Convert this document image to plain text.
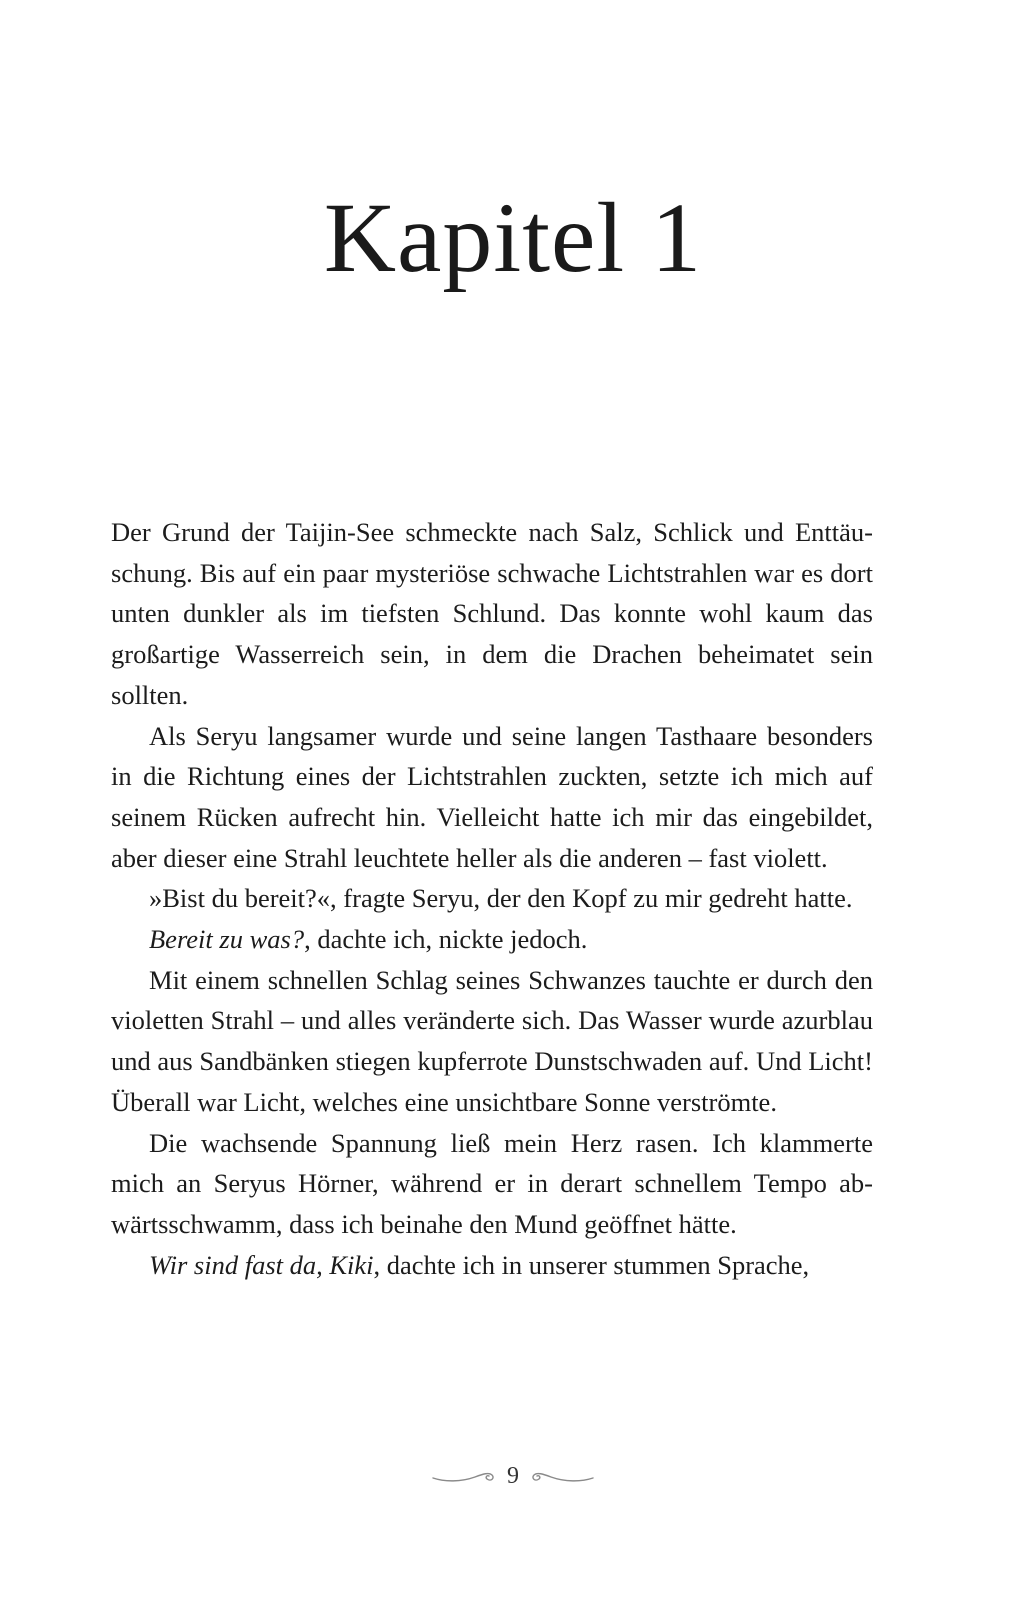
Kapitel 1

Der Grund der Taijin-See schmeckte nach Salz, Schlick und Enttäuschung. Bis auf ein paar mysteriöse schwache Lichtstrahlen war es dort unten dunkler als im tiefsten Schlund. Das konnte wohl kaum das großartige Wasserreich sein, in dem die Drachen beheimatet sein sollten.

Als Seryu langsamer wurde und seine langen Tasthaare besonders in die Richtung eines der Lichtstrahlen zuckten, setzte ich mich auf seinem Rücken aufrecht hin. Vielleicht hatte ich mir das eingebildet, aber dieser eine Strahl leuchtete heller als die anderen – fast violett.

»Bist du bereit?«, fragte Seryu, der den Kopf zu mir gedreht hatte.

Bereit zu was?, dachte ich, nickte jedoch.

Mit einem schnellen Schlag seines Schwanzes tauchte er durch den violetten Strahl – und alles veränderte sich. Das Wasser wurde azurblau und aus Sandbänken stiegen kupferrote Dunstschwaden auf. Und Licht! Überall war Licht, welches eine unsichtbare Sonne verströmte.

Die wachsende Spannung ließ mein Herz rasen. Ich klammerte mich an Seryus Hörner, während er in derart schnellem Tempo abwärtsschwamm, dass ich beinahe den Mund geöffnet hätte.

Wir sind fast da, Kiki, dachte ich in unserer stummen Sprache,

9
